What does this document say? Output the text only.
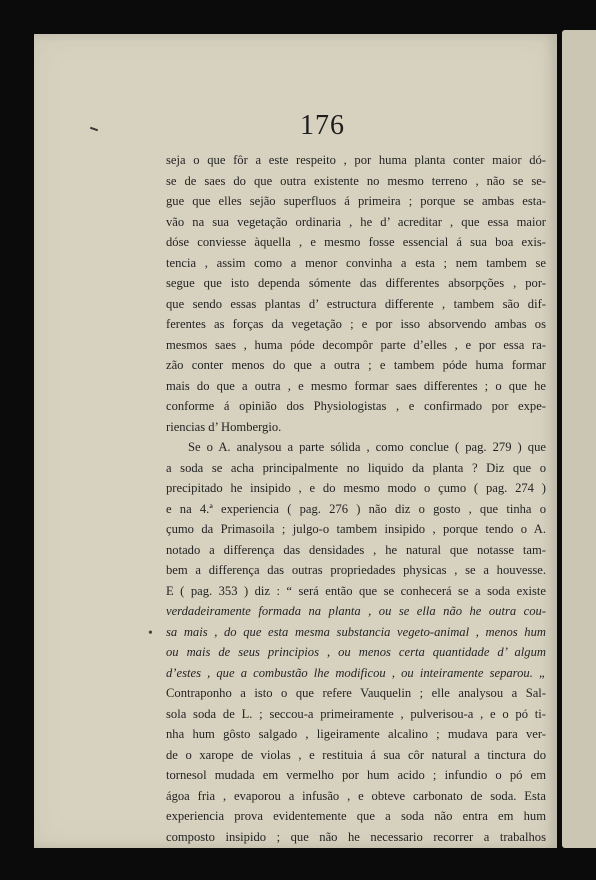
176
seja o que fôr a este respeito , por huma planta conter maior dó-
se de saes do que outra existente no mesmo terreno , não se se-
gue que elles sejão superfluos á primeira ; porque se ambas esta-
vão na sua vegetação ordinaria , he d’ acreditar , que essa maior
dóse conviesse àquella , e mesmo fosse essencial á sua boa exis-
tencia , assim como a menor convinha a esta ; nem tambem se
segue que isto dependa sómente das differentes absorpções , por-
que sendo essas plantas d’ estructura differente , tambem são dif-
ferentes as forças da vegetação ; e por isso absorvendo ambas os
mesmos saes , huma póde decompôr parte d’elles , e por essa ra-
zão conter menos do que a outra ; e tambem póde huma formar
mais do que a outra , e mesmo formar saes differentes ; o que he
conforme á opinião dos Physiologistas , e confirmado por expe-
riencias d’ Hombergio.
Se o A. analysou a parte sólida , como conclue ( pag. 279 ) que
a soda se acha principalmente no liquido da planta ? Diz que o
precipitado he insipido , e do mesmo modo o çumo ( pag. 274 )
e na 4.ª experiencia ( pag. 276 ) não diz o gosto , que tinha o
çumo da Primasoila ; julgo-o tambem insipido , porque tendo o A.
notado a differença das densidades , he natural que notasse tam-
bem a differença das outras propriedades physicas , se a houvesse.
E ( pag. 353 ) diz : “ será então que se conhecerá se a soda existe
verdadeiramente formada na planta , ou se ella não he outra cou-
sa mais , do que esta mesma substancia vegeto-animal , menos hum
ou mais de seus principios , ou menos certa quantidade d’ algum
d’estes , que a combustão lhe modificou , ou inteiramente separou. „
Contraponho a isto o que refere Vauquelin ; elle analysou a Sal-
sola soda de L. ; seccou-a primeiramente , pulverisou-a , e o pó ti-
nha hum gôsto salgado , ligeiramente alcalino ; mudava para ver-
de o xarope de violas , e restituia á sua côr natural a tinctura do
tornesol mudada em vermelho por hum acido ; infundio o pó em
ágoa fria , evaporou a infusão , e obteve carbonato de soda. Esta
experiencia prova evidentemente que a soda não entra em hum
composto insipido ; que não he necessario recorrer a trabalhos
•
